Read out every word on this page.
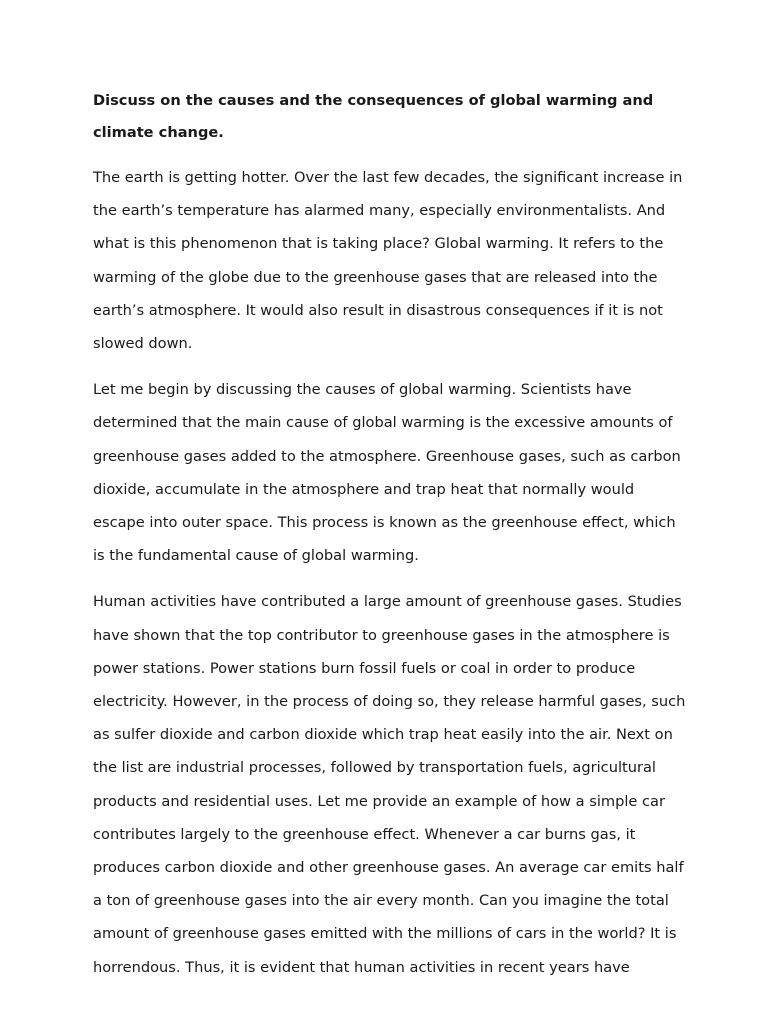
Discuss on the causes and the consequences of global warming and
climate change.
The earth is getting hotter. Over the last few decades, the significant increase in
the earth’s temperature has alarmed many, especially environmentalists. And
what is this phenomenon that is taking place? Global warming. It refers to the
warming of the globe due to the greenhouse gases that are released into the
earth’s atmosphere. It would also result in disastrous consequences if it is not
slowed down.
Let me begin by discussing the causes of global warming. Scientists have
determined that the main cause of global warming is the excessive amounts of
greenhouse gases added to the atmosphere. Greenhouse gases, such as carbon
dioxide, accumulate in the atmosphere and trap heat that normally would
escape into outer space. This process is known as the greenhouse effect, which
is the fundamental cause of global warming.
Human activities have contributed a large amount of greenhouse gases. Studies
have shown that the top contributor to greenhouse gases in the atmosphere is
power stations. Power stations burn fossil fuels or coal in order to produce
electricity. However, in the process of doing so, they release harmful gases, such
as sulfer dioxide and carbon dioxide which trap heat easily into the air. Next on
the list are industrial processes, followed by transportation fuels, agricultural
products and residential uses. Let me provide an example of how a simple car
contributes largely to the greenhouse effect. Whenever a car burns gas, it
produces carbon dioxide and other greenhouse gases. An average car emits half
a ton of greenhouse gases into the air every month. Can you imagine the total
amount of greenhouse gases emitted with the millions of cars in the world? It is
horrendous. Thus, it is evident that human activities in recent years have
